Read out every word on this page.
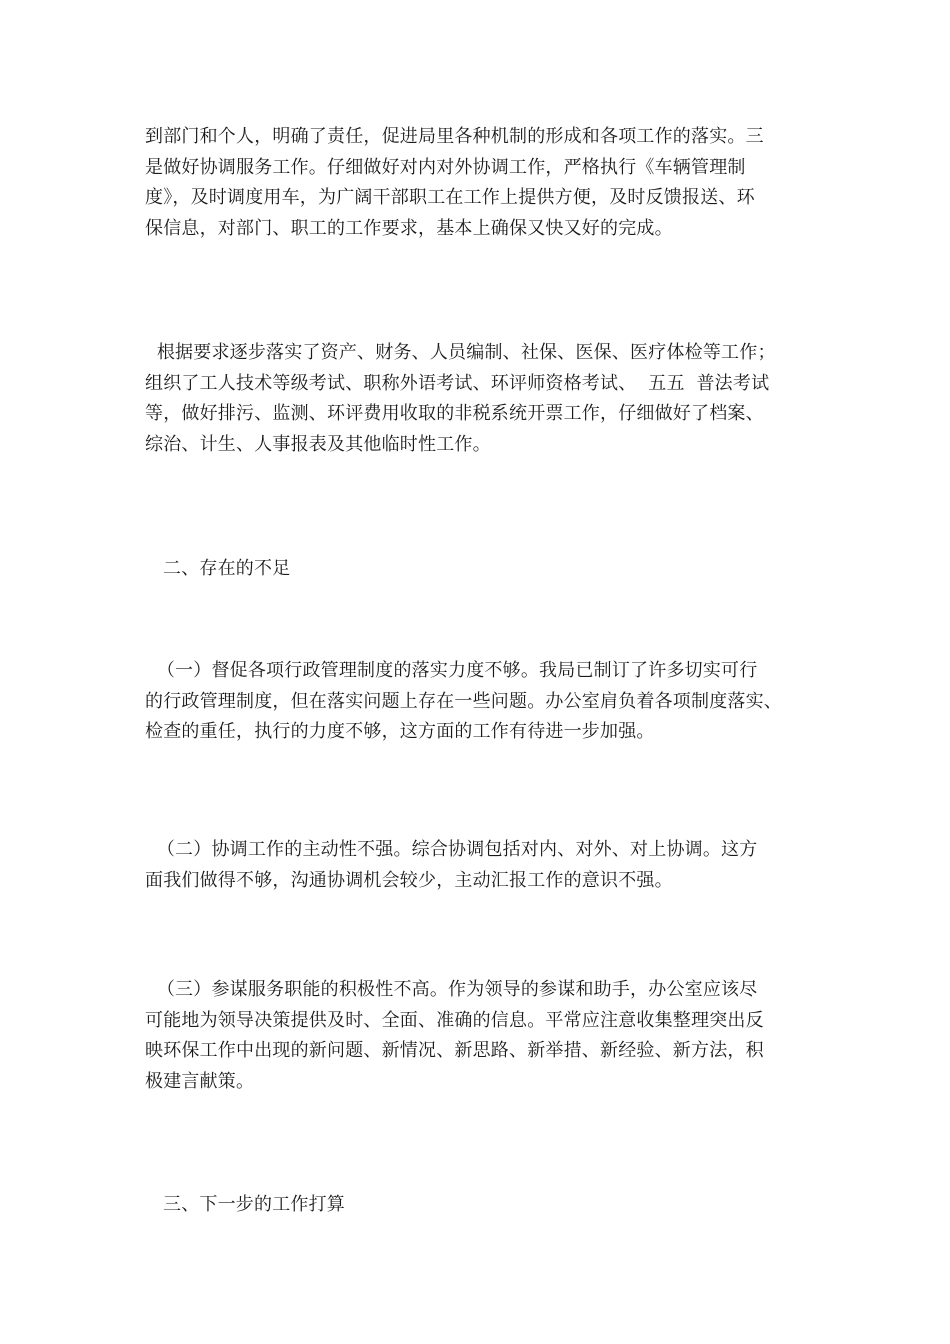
到部门和个人，明确了责任，促进局里各种机制的形成和各项工作的落实。三
是做好协调服务工作。仔细做好对内对外协调工作，严格执行《车辆管理制
度》，及时调度用车，为广阔干部职工在工作上提供方便，及时反馈报送、环
保信息，对部门、职工的工作要求，基本上确保又快又好的完成。

根据要求逐步落实了资产、财务、人员编制、社保、医保、医疗体检等工作；
组织了工人技术等级考试、职称外语考试、环评师资格考试、  五五  普法考试
等，做好排污、监测、环评费用收取的非税系统开票工作，仔细做好了档案、
综治、计生、人事报表及其他临时性工作。

二、存在的不足

（一）督促各项行政管理制度的落实力度不够。我局已制订了许多切实可行
的行政管理制度，但在落实问题上存在一些问题。办公室肩负着各项制度落实、
检查的重任，执行的力度不够，这方面的工作有待进一步加强。

（二）协调工作的主动性不强。综合协调包括对内、对外、对上协调。这方
面我们做得不够，沟通协调机会较少，主动汇报工作的意识不强。

（三）参谋服务职能的积极性不高。作为领导的参谋和助手，办公室应该尽
可能地为领导决策提供及时、全面、准确的信息。平常应注意收集整理突出反
映环保工作中出现的新问题、新情况、新思路、新举措、新经验、新方法，积
极建言献策。

三、下一步的工作打算
